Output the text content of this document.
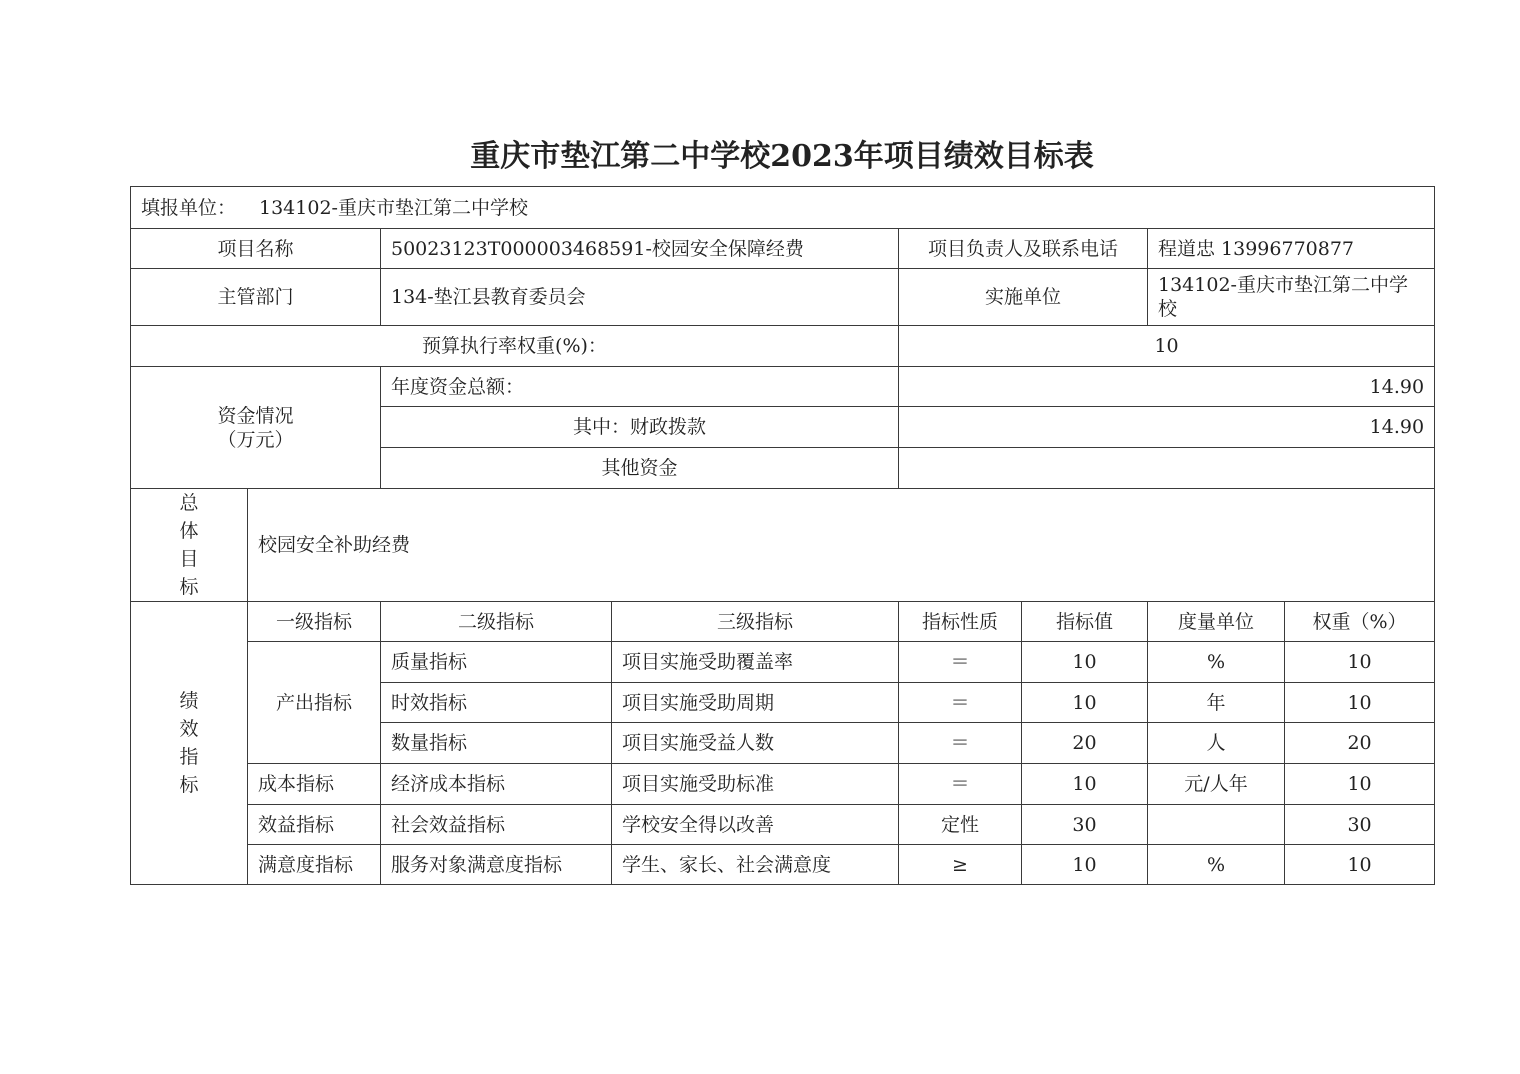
重庆市垫江第二中学校2023年项目绩效目标表
填报单位： 134102-重庆市垫江第二中学校							
项目名称		50023123T000003468591-校园安全保障经费		项目负责人及联系电话		程道忠 13996770877	
主管部门		134-垫江县教育委员会		实施单位		134102-重庆市垫江第二中学校	
预算执行率权重(%)：				10			

资金情况
（万元）		年度资金总额：		14.90			
		其中：财政拨款		14.90			
		其他资金					

总体目标	校园安全补助经费						

绩效指标	一级指标	二级指标	三级指标	指标性质	指标值	度量单位	权重（%）
	产出指标	质量指标	项目实施受助覆盖率	＝	10	%	10
		时效指标	项目实施受助周期	＝	10	年	10
		数量指标	项目实施受益人数	＝	20	人	20
	成本指标	经济成本指标	项目实施受助标准	＝	10	元/人年	10
	效益指标	社会效益指标	学校安全得以改善	定性	30		30
	满意度指标	服务对象满意度指标	学生、家长、社会满意度	≥	10	%	10
